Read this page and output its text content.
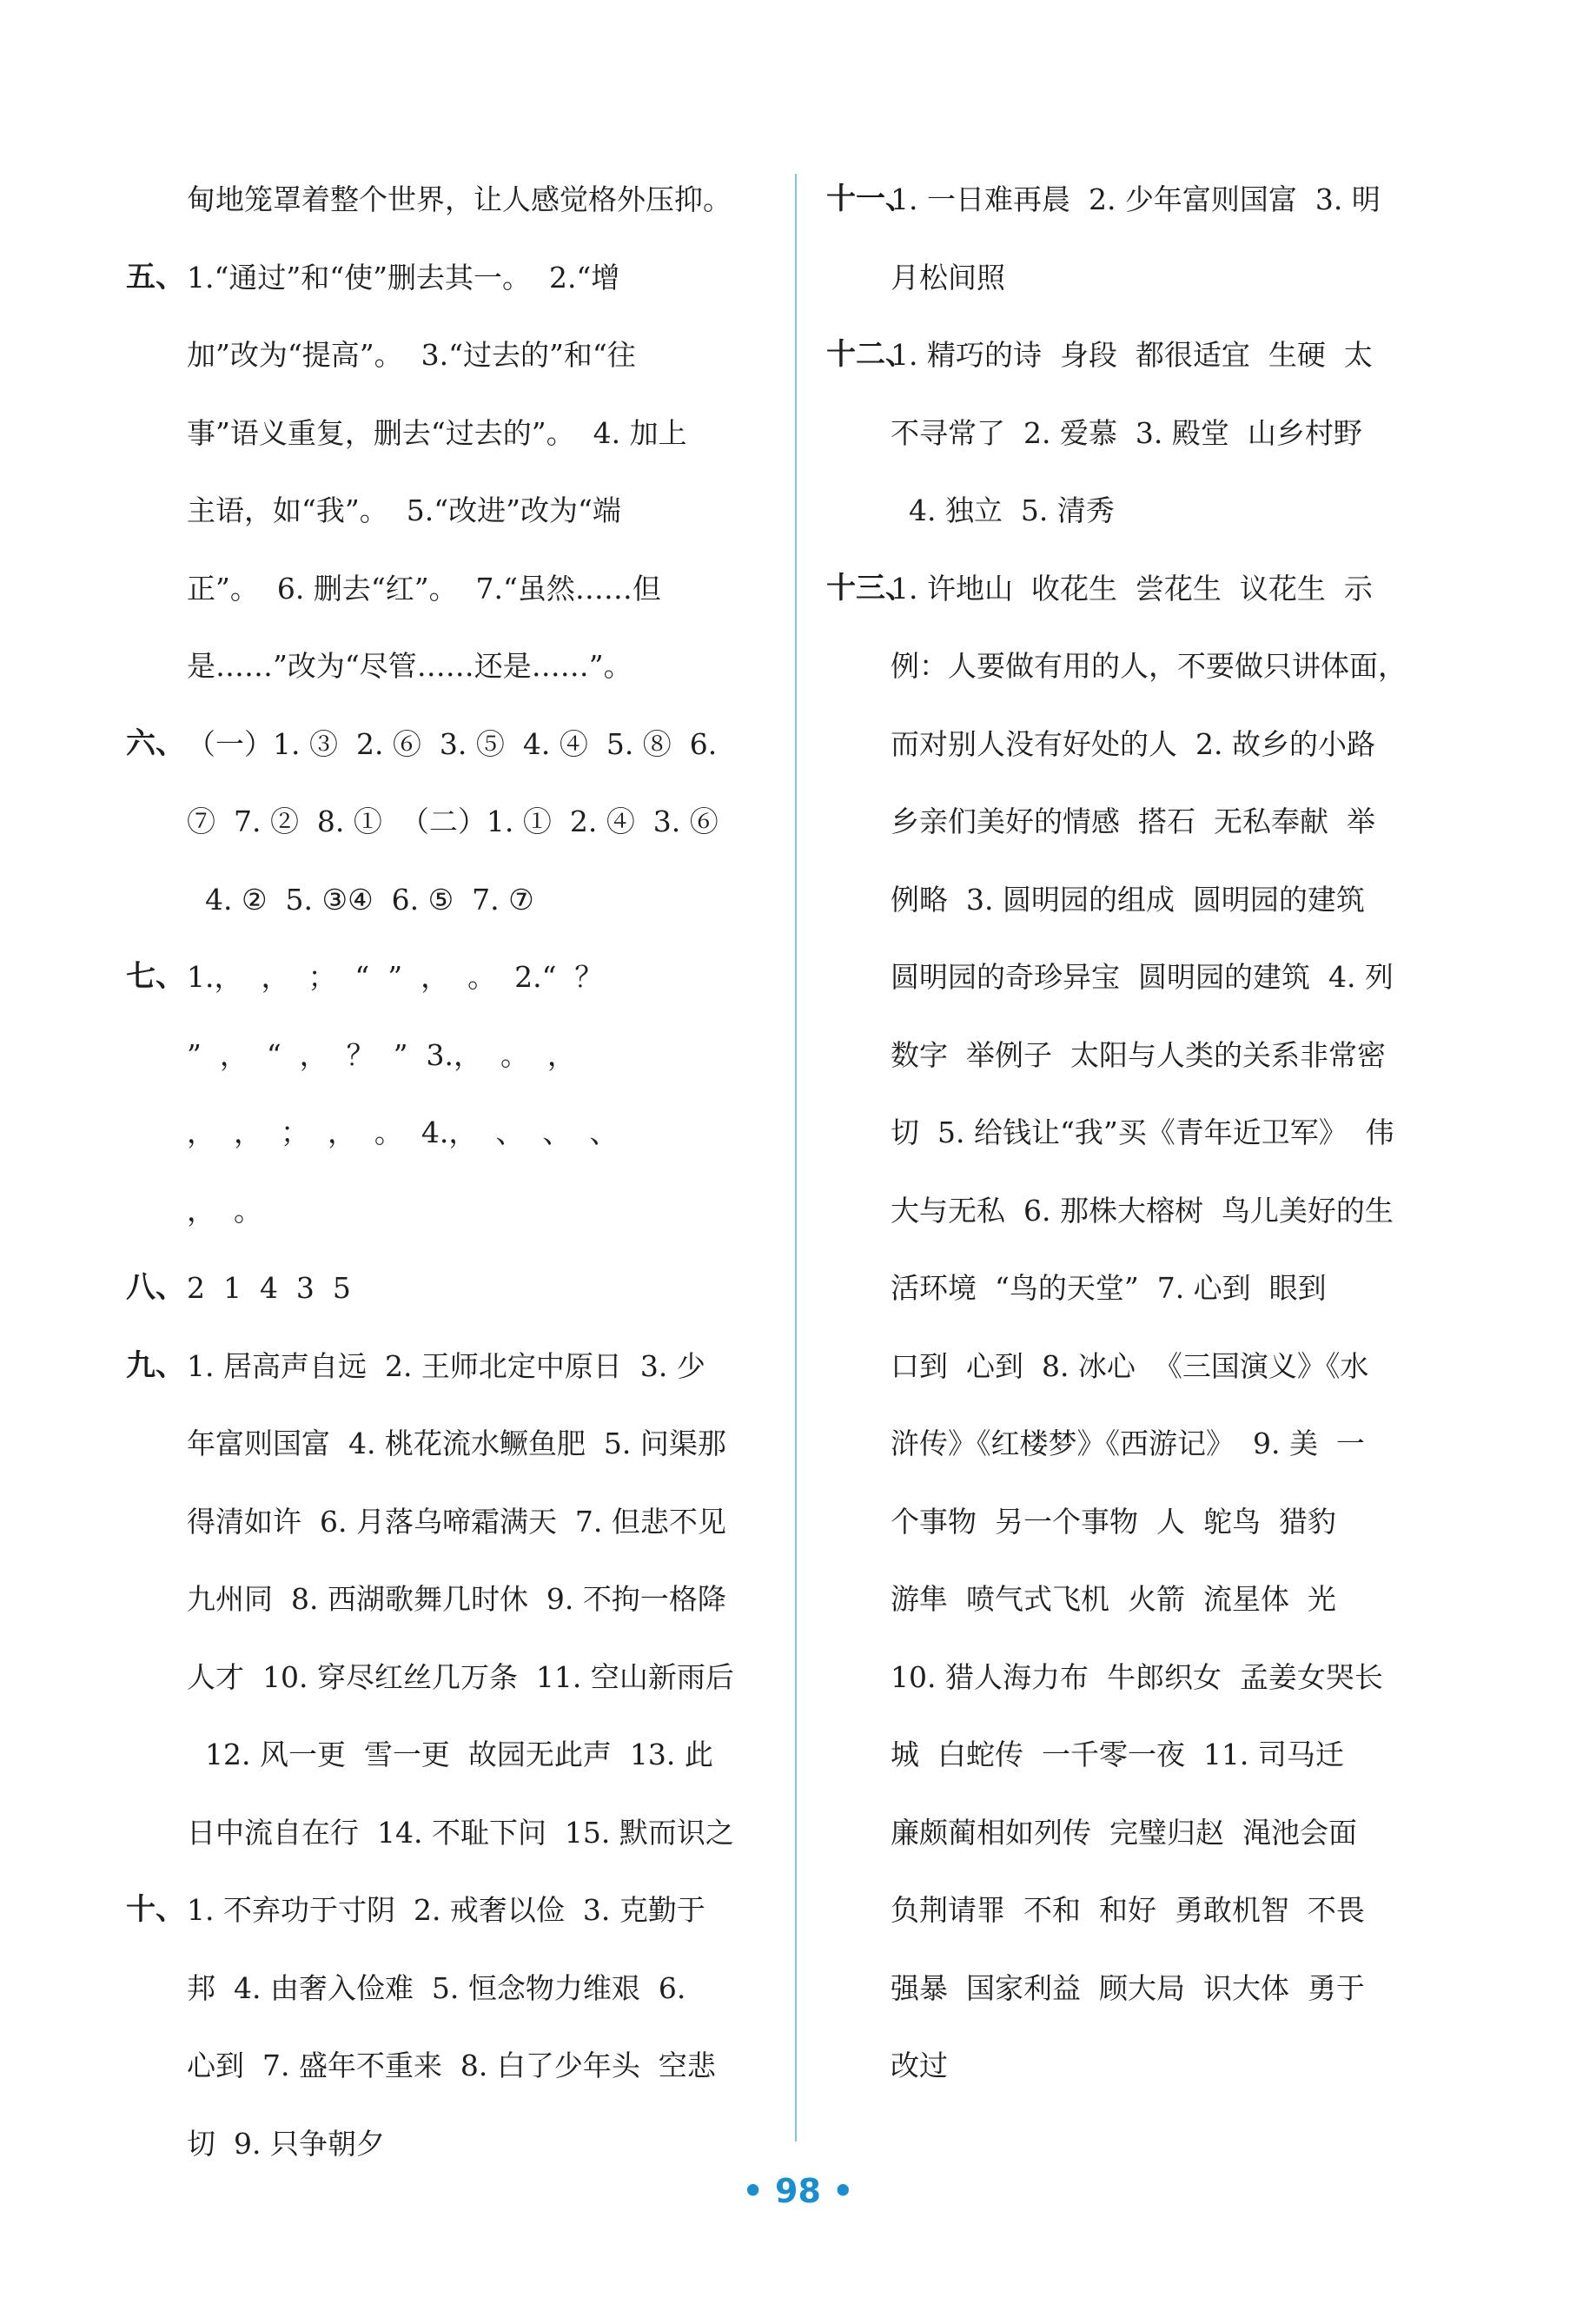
甸地笼罩着整个世界，让人感觉格外压抑。
五、 1.“通过”和“使”删去其一。  2.“增
加”改为“提高”。  3.“过去的”和“往
事”语义重复，删去“过去的”。  4. 加上
主语，如“我”。  5.“改进”改为“端
正”。  6. 删去“红”。  7.“虽然……但
是……”改为“尽管……还是……”。
六、 （一）1. ③  2. ⑥  3. ⑤  4. ④  5. ⑧  6.
⑦  7. ②  8. ①  （二）1. ①  2. ④  3. ⑥
4. ②  5. ③④  6. ⑤  7. ⑦
七、 1.，  ，  ；  “  ”  ，  。  2.“  ？
”  ，  “  ，  ？  ”  3.，  。  ，
，  ，  ；  ，  。  4.，  、  、  、
，  。
八、 2  1  4  3  5
九、 1. 居高声自远  2. 王师北定中原日  3. 少
年富则国富  4. 桃花流水鳜鱼肥  5. 问渠那
得清如许  6. 月落乌啼霜满天  7. 但悲不见
九州同  8. 西湖歌舞几时休  9. 不拘一格降
人才  10. 穿尽红丝几万条  11. 空山新雨后
12. 风一更  雪一更  故园无此声  13. 此
日中流自在行  14. 不耻下问  15. 默而识之
十、 1. 不弃功于寸阴  2. 戒奢以俭  3. 克勤于
邦  4. 由奢入俭难  5. 恒念物力维艰  6.
心到  7. 盛年不重来  8. 白了少年头  空悲
切  9. 只争朝夕
十一、
1. 一日难再晨  2. 少年富则国富  3. 明
月松间照
十二、
1. 精巧的诗  身段  都很适宜  生硬  太
不寻常了  2. 爱慕  3. 殿堂  山乡村野
4. 独立  5. 清秀
十三、
1. 许地山  收花生  尝花生  议花生  示
例：人要做有用的人，不要做只讲体面，
而对别人没有好处的人  2. 故乡的小路
乡亲们美好的情感  搭石  无私奉献  举
例略  3. 圆明园的组成  圆明园的建筑
圆明园的奇珍异宝  圆明园的建筑  4. 列
数字  举例子  太阳与人类的关系非常密
切  5. 给钱让“我”买《青年近卫军》  伟
大与无私  6. 那株大榕树  鸟儿美好的生
活环境  “鸟的天堂”  7. 心到  眼到
口到  心到  8. 冰心  《三国演义》《水
浒传》《红楼梦》《西游记》  9. 美  一
个事物  另一个事物  人  鸵鸟  猎豹
游隼  喷气式飞机  火箭  流星体  光
10. 猎人海力布  牛郎织女  孟姜女哭长
城  白蛇传  一千零一夜  11. 司马迁
廉颇蔺相如列传  完璧归赵  渑池会面
负荆请罪  不和  和好  勇敢机智  不畏
强暴  国家利益  顾大局  识大体  勇于
改过
• 98 •
